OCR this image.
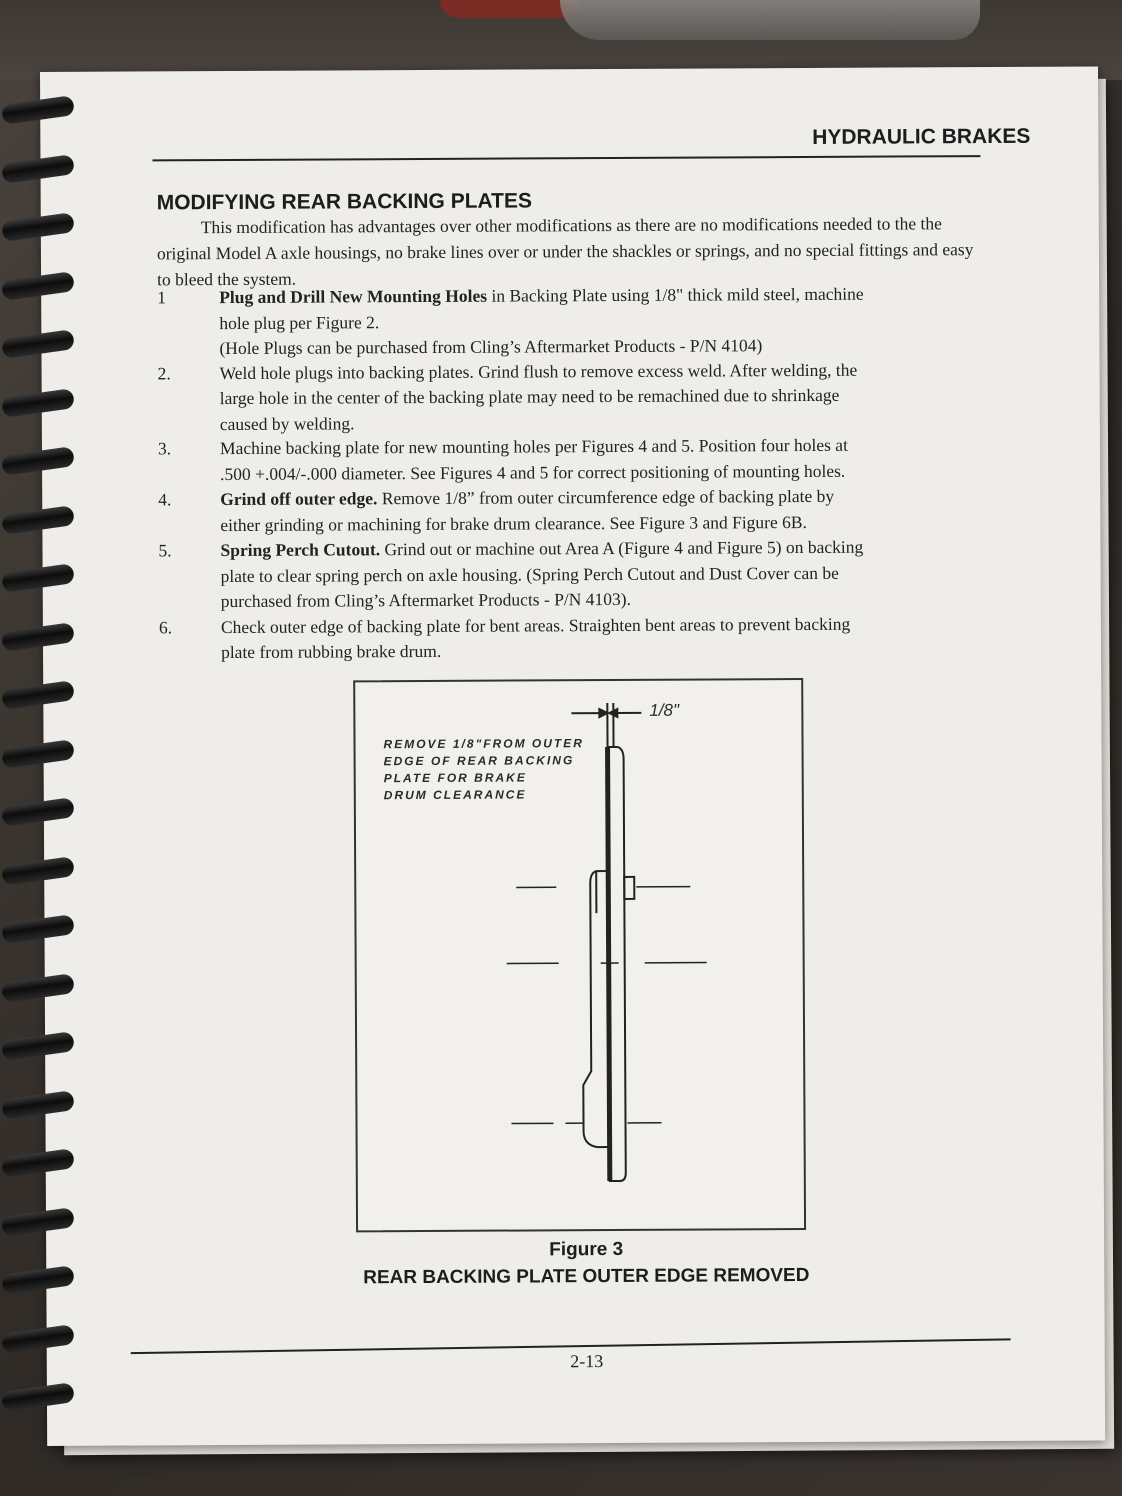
HYDRAULIC BRAKES
MODIFYING REAR BACKING PLATES
This modification has advantages over other modifications as there are no modifications needed to the the original Model A axle housings, no brake lines over or under the shackles or springs, and no special fittings and easy to bleed the system.
1	Plug and Drill New Mounting Holes in Backing Plate using 1/8" thick mild steel, machine
hole plug per Figure 2.
(Hole Plugs can be purchased from Cling’s Aftermarket Products - P/N 4104)
2.	Weld hole plugs into backing plates. Grind flush to remove excess weld. After welding, the
large hole in the center of the backing plate may need to be remachined due to shrinkage
caused by welding.
3.	Machine backing plate for new mounting holes per Figures 4 and 5. Position four holes at
.500 +.004/-.000 diameter. See Figures 4 and 5 for correct positioning of mounting holes.
4.	Grind off outer edge. Remove 1/8” from outer circumference edge of backing plate by
either grinding or machining for brake drum clearance. See Figure 3 and Figure 6B.
5.	Spring Perch Cutout. Grind out or machine out Area A (Figure 4 and Figure 5) on backing
plate to clear spring perch on axle housing. (Spring Perch Cutout and Dust Cover can be
purchased from Cling’s Aftermarket Products - P/N 4103).
6.	Check outer edge of backing plate for bent areas. Straighten bent areas to prevent backing
plate from rubbing brake drum.
1/8"
REMOVE 1/8"FROM OUTER
EDGE OF REAR BACKING
PLATE FOR BRAKE
DRUM CLEARANCE
Figure 3
REAR BACKING PLATE OUTER EDGE REMOVED
2-13
